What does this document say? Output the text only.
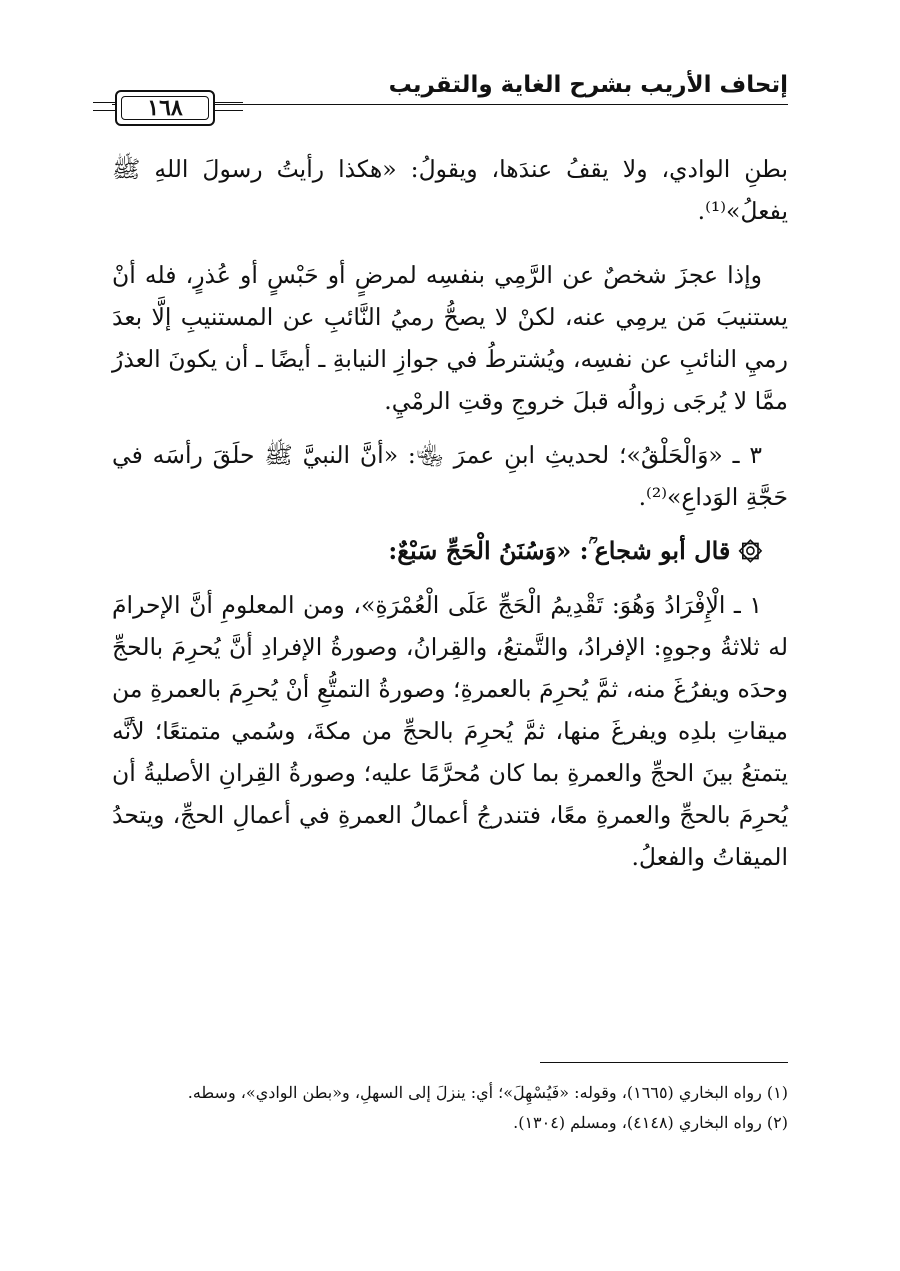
إتحاف الأريب بشرح الغاية والتقريب
١٦٨

بطنِ الوادي، ولا يقفُ عندَها، ويقولُ: «هكذا رأيتُ رسولَ اللهِ ﷺ يفعلُ»⁽¹⁾.

وإذا عجزَ شخصٌ عن الرَّمِي بنفسِه لمرضٍ أو حَبْسٍ أو عُذرٍ، فله أنْ يستنيبَ مَن يرمِي عنه، لكنْ لا يصحُّ رميُ النَّائبِ عن المستنيبِ إلَّا بعدَ رميِ النائبِ عن نفسِه، ويُشترطُ في جوازِ النيابةِ ـ أيضًا ـ أن يكونَ العذرُ ممَّا لا يُرجَى زوالُه قبلَ خروجِ وقتِ الرمْيِ.

٣ ـ «وَالْحَلْقُ»؛ لحديثِ ابنِ عمرَ ﵄: «أنَّ النبيَّ ﷺ حلَقَ رأسَه في حَجَّةِ الوَداعِ»⁽²⁾.

۞ قال أبو شجاع ؒ: «وَسُنَنُ الْحَجِّ سَبْعٌ:

١ ـ الْإِفْرَادُ وَهُوَ: تَقْدِيمُ الْحَجِّ عَلَى الْعُمْرَةِ»، ومن المعلومِ أنَّ الإحرامَ له ثلاثةُ وجوهٍ: الإفرادُ، والتَّمتعُ، والقِرانُ، وصورةُ الإفرادِ أنَّ يُحرِمَ بالحجِّ وحدَه ويفرُغَ منه، ثمَّ يُحرِمَ بالعمرةِ؛ وصورةُ التمتُّعِ أنْ يُحرِمَ بالعمرةِ من ميقاتِ بلدِه ويفرغَ منها، ثمَّ يُحرِمَ بالحجِّ من مكةَ، وسُمي متمتعًا؛ لأنَّه يتمتعُ بينَ الحجِّ والعمرةِ بما كان مُحرَّمًا عليه؛ وصورةُ القِرانِ الأصليةُ أن يُحرِمَ بالحجِّ والعمرةِ معًا، فتندرجُ أعمالُ العمرةِ في أعمالِ الحجِّ، ويتحدُ الميقاتُ والفعلُ.

(١) رواه البخاري (١٦٦٥)، وقوله: «فَيُسْهِلَ»؛ أي: ينزلَ إلى السهلِ، و«بطن الوادي»، وسطه.

(٢) رواه البخاري (٤١٤٨)، ومسلم (١٣٠٤).
